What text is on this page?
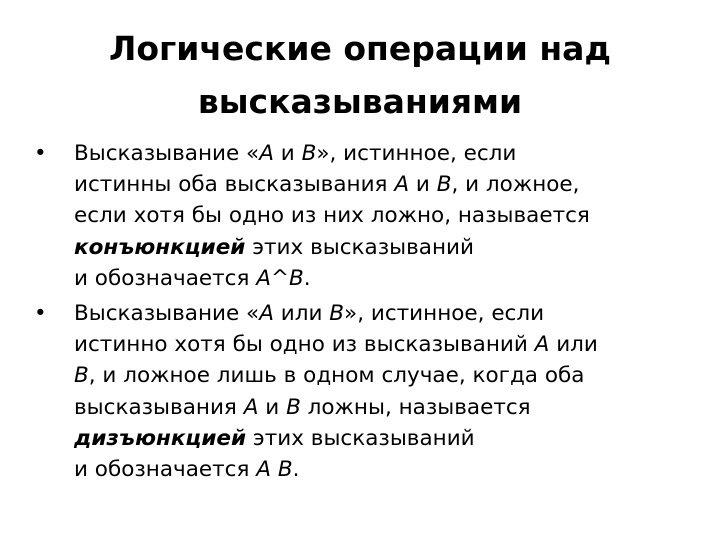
Логические операции над
высказываниями
•	Высказывание «A и B», истинное, если
истинны оба высказывания A и B, и ложное,
если хотя бы одно из них ложно, называется
конъюнкцией этих высказываний
и обозначается A^B.
•	Высказывание «A или B», истинное, если
истинно хотя бы одно из высказываний A или
B, и ложное лишь в одном случае, когда оба
высказывания A и B ложны, называется
дизъюнкцией этих высказываний
и обозначается A B.
